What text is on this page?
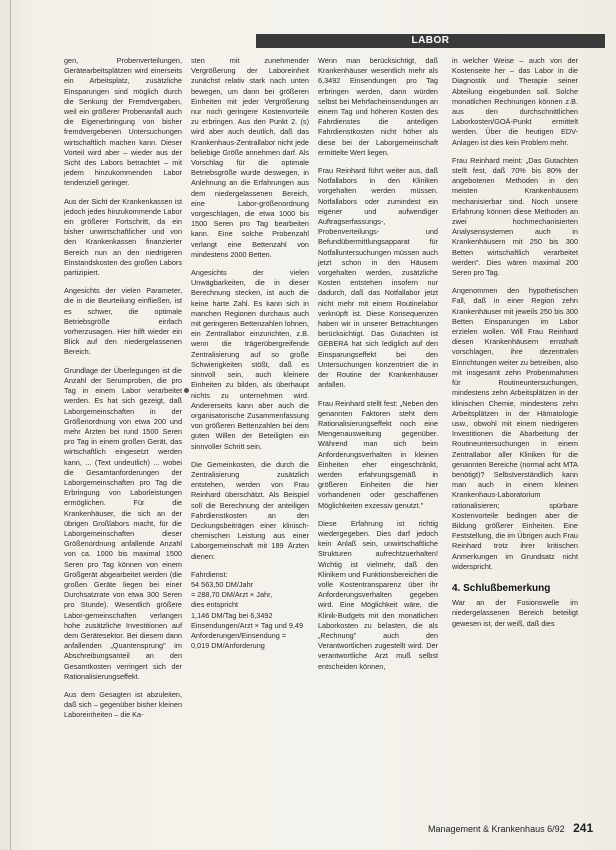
LABOR

gen, Probenverteilungen, Gerätearbeitsplätzen wird einerseits ein Arbeitsplatz, zusätzliche Einsparungen sind möglich durch die Senkung der Fremdvergaben, weil ein größerer Probenanfall auch die Eigenerbringung von bisher fremdvergebenen Untersuchungen wirtschaftlich machen kann. Dieser Vorteil wird aber – wieder aus der Sicht des Labors betrachtet – mit jedem hinzukommenden Labor tendenziell geringer.

Aus der Sicht der Krankenkassen ist jedoch jedes hinzukommende Labor ein größerer Fortschritt, da ein bisher unwirtschaftlicher und von den Krankenkassen finanzierter Bereich nun an den niedrigeren Einstandskosten des großen Labors partizipiert.

Angesichts der vielen Parameter, die in die Beurteilung einfließen, ist es schwer, die optimale Betriebsgröße einfach vorherzusagen. Hier hilft wieder ein Blick auf den niedergelassenen Bereich.

Grundlage der Überlegungen ist die Anzahl der Serumproben, die pro Tag in einem Labor verarbeitet werden. Es hat sich gezeigt, daß Laborgemeinschaften in der Größenordnung von etwa 200 und mehr Ärzten bei rund 1500 Seren pro Tag in einem großen Gerät, das wirtschaftlich eingesetzt werden kann, ... (Text undeutlich) ... wobei die Gesamtanforderungen der Laborgemeinschaften pro Tag die Erbringung von Laborleistungen ermöglichen. Für die Krankenhäuser, die sich an der übrigen Großlabors macht, für die Laborgemeinschaften dieser Größenordnung anfallende Anzahl von ca. 1000 bis maximal 1500 Seren pro Tag können von einem Großgerät abgearbeitet werden (die großen Geräte liegen bei einer Durchsatzrate von etwa 300 Seren pro Stunde). Wesentlich größere Labor-gemeinschaften verlangen hohe zusätzliche Investitionen auf dem Gerätesektor. Bei diesem dann anfallenden „Quantensprung" im Abschreibungsanteil an den Gesamtkosten verringert sich der Rationalisierungseffekt.

Aus dem Gesagten ist abzuleiten, daß sich – gegenüber bisher kleinen Laboreinheiten – die Ka-

sten mit zunehmender Vergrößerung der Laboreinheit zunächst relativ stark nach unten bewegen, um dann bei größeren Einheiten mit jeder Vergrößerung nur noch geringere Kostenvorteile zu erbringen. Aus den Punkt 2. (s) wird aber auch deutlich, daß das Krankenhaus-Zentrallabor nicht jede beliebige Größe annehmen darf. Als Vorschlag für die optimale Betriebsgröße wurde deswegen, in Anlehnung an die Erfahrungen aus dem niedergelassenen Bereich, eine Labor-größenordnung vorgeschlagen, die etwa 1000 bis 1500 Seren pro Tag bearbeiten kann. Eine solche Probenzahl verlangt eine Bettenzahl von mindestens 2000 Betten.

Angesichts der vielen Unwägbarkeiten, die in dieser Berechnung stecken, ist auch die keine harte Zahl. Es kann sich in manchen Regionen durchaus auch mit geringeren Bettenzahlen lohnen, ein Zentrallabor einzurichten, z.B. wenn die trägerübergreifende Zentralisierung auf so große Schwierigkeiten stößt, daß es sinnvoll sein, auch kleinere Einheiten zu bilden, als überhaupt nichts zu unternehmen wird. Andererseits kann aber auch die organisatorische Zusammenfassung von größeren Bettenzahlen bei dem guten Willen der Beteiligten ein sinnvoller Schritt sein.

Die Gemeinkosten, die durch die Zentralisierung zusätzlich entstehen, werden von Frau Reinhard überschätzt. Als Beispiel soll die Berechnung der anteiligen Fahrdienstkosten an den Deckungsbeiträgen einer klinisch-chemischen Leistung aus einer Laborgemeinschaft mit 189 Ärzten dienen:

Fahrdienst:
54 563,50 DM/Jahr
= 288,70 DM/Arzt × Jahr,
dies entspricht
1,146 DM/Tag bei 6,3492 Einsendungen/Arzt × Tag und 9,49 Anforderungen/Einsendung =
0,019 DM/Anforderung

Wenn man berücksichtigt, daß Krankenhäuser wesentlich mehr als 6,3492 Einsendungen pro Tag erbringen werden, dann würden selbst bei Mehrfacheinsendungen an einem Tag und höheren Kosten des Fahrdienstes die anteiligen Fahrdienstkosten nicht höher als diese bei der Laborgemeinschaft ermittelte Wert liegen.

Frau Reinhard führt weiter aus, daß Notfallabors in den Kliniken vorgehalten werden müssen. Notfallabors oder zumindest ein eigener und aufwendiger Auftragserfassungs-, Probenverteilungs- und Befundübermittlungsapparat für Notfalluntersuchungen müssen auch jetzt schon in den Häusern vorgehalten werden, zusätzliche Kosten entstehen insofern nur dadurch, daß das Notfallabor jetzt nicht mehr mit einem Routinelabor verknüpft ist. Diese Konsequenzen haben wir in unserer Betrachtungen berücksichtigt. Das Gutachten ist GEBERA hat sich lediglich auf den Einsparungseffekt bei den Untersuchungen konzentriert die in der Routine der Krankenhäuser anfallen.

Frau Reinhard stellt fest: „Neben den genannten Faktoren steht dem Rationalisierungseffekt noch eine Mengenausweitung gegenüber. Während man sich beim Anforderungsverhalten in kleinen Einheiten eher eingeschränkt, werden erfahrungsgemäß in größeren Einheiten die hier vorhandenen oder geschaffenen Möglichkeiten exzessiv genutzt."

Diese Erfahrung ist richtig wiedergegeben. Dies darf jedoch kein Anlaß sein, unwirtschaftliche Strukturen aufrechtzuerhalten! Wichtig ist vielmehr, daß den Klinikern und Funktionsbereichen die volle Kostentransparenz über ihr Anforderungsverhalten gegeben wird. Eine Möglichkeit wäre, die Klinik-Budgets mit den monatlichen Laborkosten zu belasten, die als „Rechnung" auch den Verantwortlichen zugestellt wird. Der verantwortliche Arzt muß selbst entscheiden können,

in welcher Weise – auch von der Kostenseite her – das Labor in die Diagnostik und Therapie seiner Abteilung eingebunden soll. Solche monatlichen Rechnungen können z.B. aus den durchschnittlichen Laborkosten/GOÄ-Punkt ermittelt werden. Über die heutigen EDV-Anlagen ist dies kein Problem mehr.

Frau Reinhard meint: „Das Gutachten stellt fest, daß 70% bis 80% der angebotenen Methoden in den meisten Krankenhäusern mechanisierbar sind. Noch unsere Erfahrung können diese Methoden an zwei hochmechanisierten Analysensystemen auch in Krankenhäusern mit 250 bis 300 Betten wirtschaftlich verarbeitet werden". Dies wären maximal 200 Seren pro Tag.

Angenommen den hypothetischen Fall, daß in einer Region zehn Krankenhäuser mit jeweils 250 bis 300 Betten Einsparungen im Labor erzielen wollen. Will Frau Reinhard diesen Krankenhäusern ernsthaft vorschlagen, ihre dezentralen Einrichtungen weiter zu betreiben, also mit insgesamt zehn Probenmahmen für Routineuntersuchungen, mindestens zehn Arbeitsplätzen in der klinischen Chemie, mindestens zehn Arbeitsplätzen in der Hämatologie usw., obwohl mit einem niedrigeren Investitionen die Abarbeitung der Routineuntersuchungen in einem Zentrallabor aller Kliniken für die genannten Bereiche (normal acht MTA benötigt)? Selbstverständlich kann man auch in einem kleinen Krankenhaus-Laboratorium rationalisieren; spürbare Kostenvorteile bedingen aber die Bildung größerer Einheiten. Eine Feststellung, die im Übrigen auch Frau Reinhard trotz ihrer kritischen Anmerkungen im Grundsatz nicht widerspricht.

4. Schlußbemerkung

War an der Fusionswelle im niedergelassenen Bereich beteiligt gewesen ist, der weiß, daß dies

Management & Krankenhaus 6/92 241
